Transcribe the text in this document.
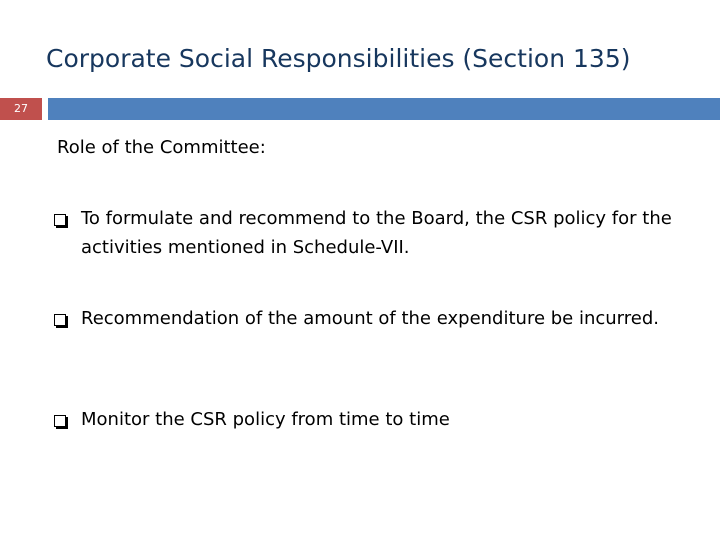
Corporate Social Responsibilities (Section 135)
27
Role of the Committee:
To formulate and recommend to the Board, the CSR policy for the activities mentioned in Schedule-VII.
Recommendation of the amount of the expenditure be incurred.
Monitor the CSR policy from time to time
